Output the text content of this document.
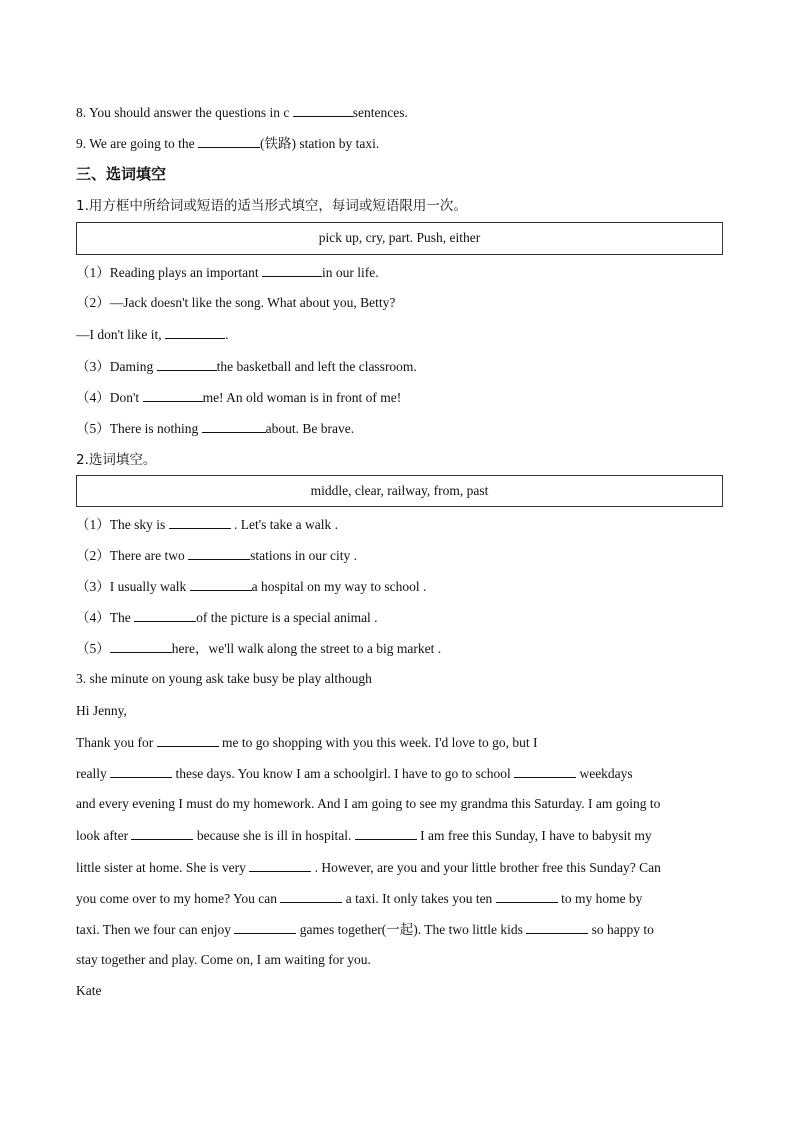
8. You should answer the questions in c	sentences.
9. We are going to the	(铁路) station by taxi.
三、选词填空
1.用方框中所给词或短语的适当形式填空，每词或短语限用一次。
pick up, cry, part. Push, either
（1）Reading plays an important	in our life.
（2）—Jack doesn't like the song. What about you, Betty?
—I don't like it,	.
（3）Daming	the basketball and left the classroom.
（4）Don't	me! An old woman is in front of me!
（5）There is nothing	about. Be brave.
2.选词填空。
middle, clear, railway, from, past
（1）The sky is	. Let's take a walk .
（2）There are two	stations in our city .
（3）I usually walk	a hospital on my way to school .
（4）The	of the picture is a special animal .
（5）	here，we'll walk along the street to a big market .
3. she minute on young ask take busy be play although
Hi Jenny,
Thank you for	me to go shopping with you this week. I'd love to go, but I
really	these days. You know I am a schoolgirl. I have to go to school	weekdays
and every evening I must do my homework. And I am going to see my grandma this Saturday. I am going to
look after	because she is ill in hospital.	I am free this Sunday, I have to babysit my
little sister at home. She is very	. However, are you and your little brother free this Sunday? Can
you come over to my home? You can	a taxi. It only takes you ten	to my home by
taxi. Then we four can enjoy	games together(一起). The two little kids	so happy to
stay together and play. Come on, I am waiting for you.
Kate
